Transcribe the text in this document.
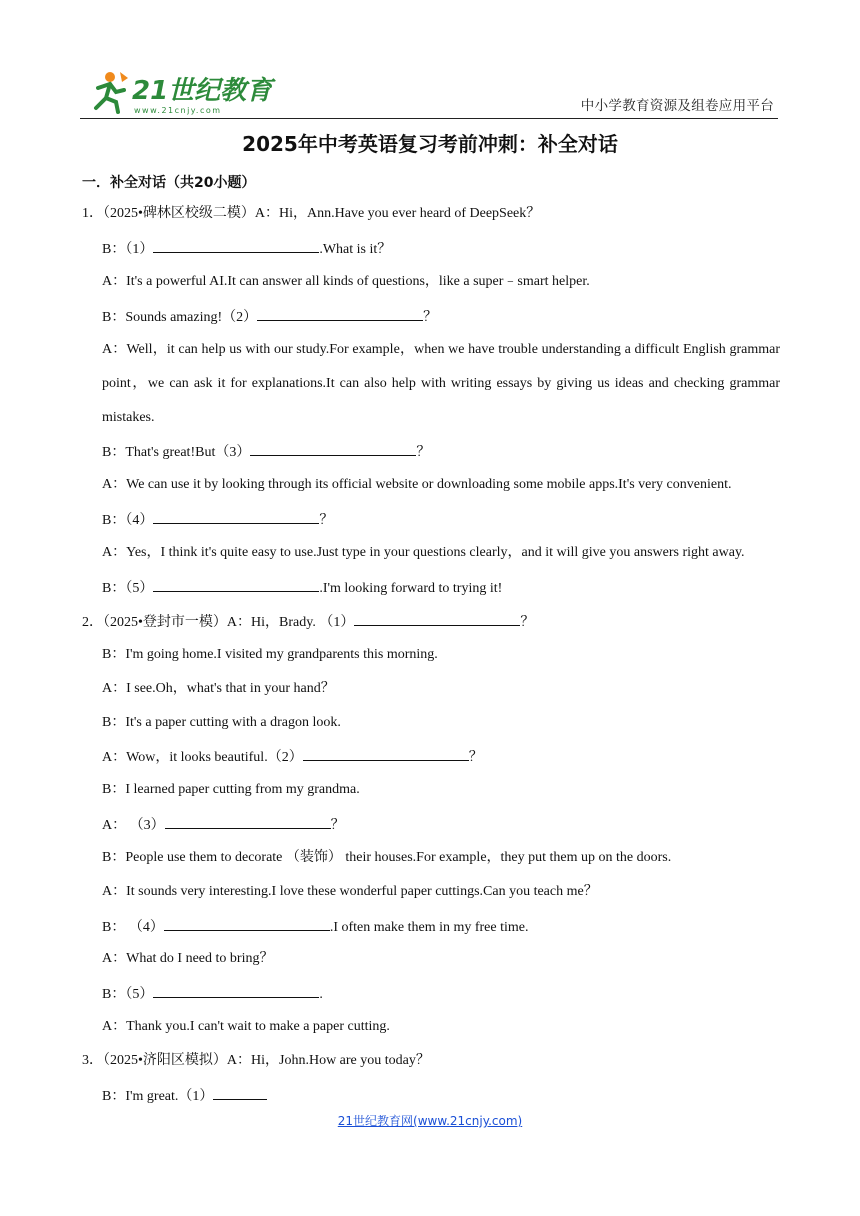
21世纪教育
www.21cnjy.com	中小学教育资源及组卷应用平台
2025年中考英语复习考前冲刺：补全对话
一．补全对话（共20小题）
1．（2025•碑林区校级二模）A：Hi，Ann.Have you ever heard of DeepSeek？
B：（1）	.What is it？
A：It's a powerful AI.It can answer all kinds of questions，like a super﹣smart helper.
B：Sounds amazing!（2）	？
A：Well，it can help us with our study.For example，when we have trouble understanding a difficult English grammar point，we can ask it for explanations.It can also help with writing essays by giving us ideas and checking grammar mistakes.
B：That's great!But（3）	？
A：We can use it by looking through its official website or downloading some mobile apps.It's very convenient.
B：（4）	？
A：Yes，I think it's quite easy to use.Just type in your questions clearly，and it will give you answers right away.
B：（5）	.I'm looking forward to trying it!
2．（2025•登封市一模）A：Hi，Brady. （1）	？
B：I'm going home.I visited my grandparents this morning.
A：I see.Oh，what's that in your hand？
B：It's a paper cutting with a dragon look.
A：Wow，it looks beautiful.（2）	？
B：I learned paper cutting from my grandma.
A： （3）	？
B：People use them to decorate （装饰） their houses.For example，they put them up on the doors.
A：It sounds very interesting.I love these wonderful paper cuttings.Can you teach me？
B： （4）	.I often make them in my free time.
A：What do I need to bring？
B：（5）	.
A：Thank you.I can't wait to make a paper cutting.
3．（2025•济阳区模拟）A：Hi，John.How are you today？
B：I'm great.（1）
21世纪教育网(www.21cnjy.com)
